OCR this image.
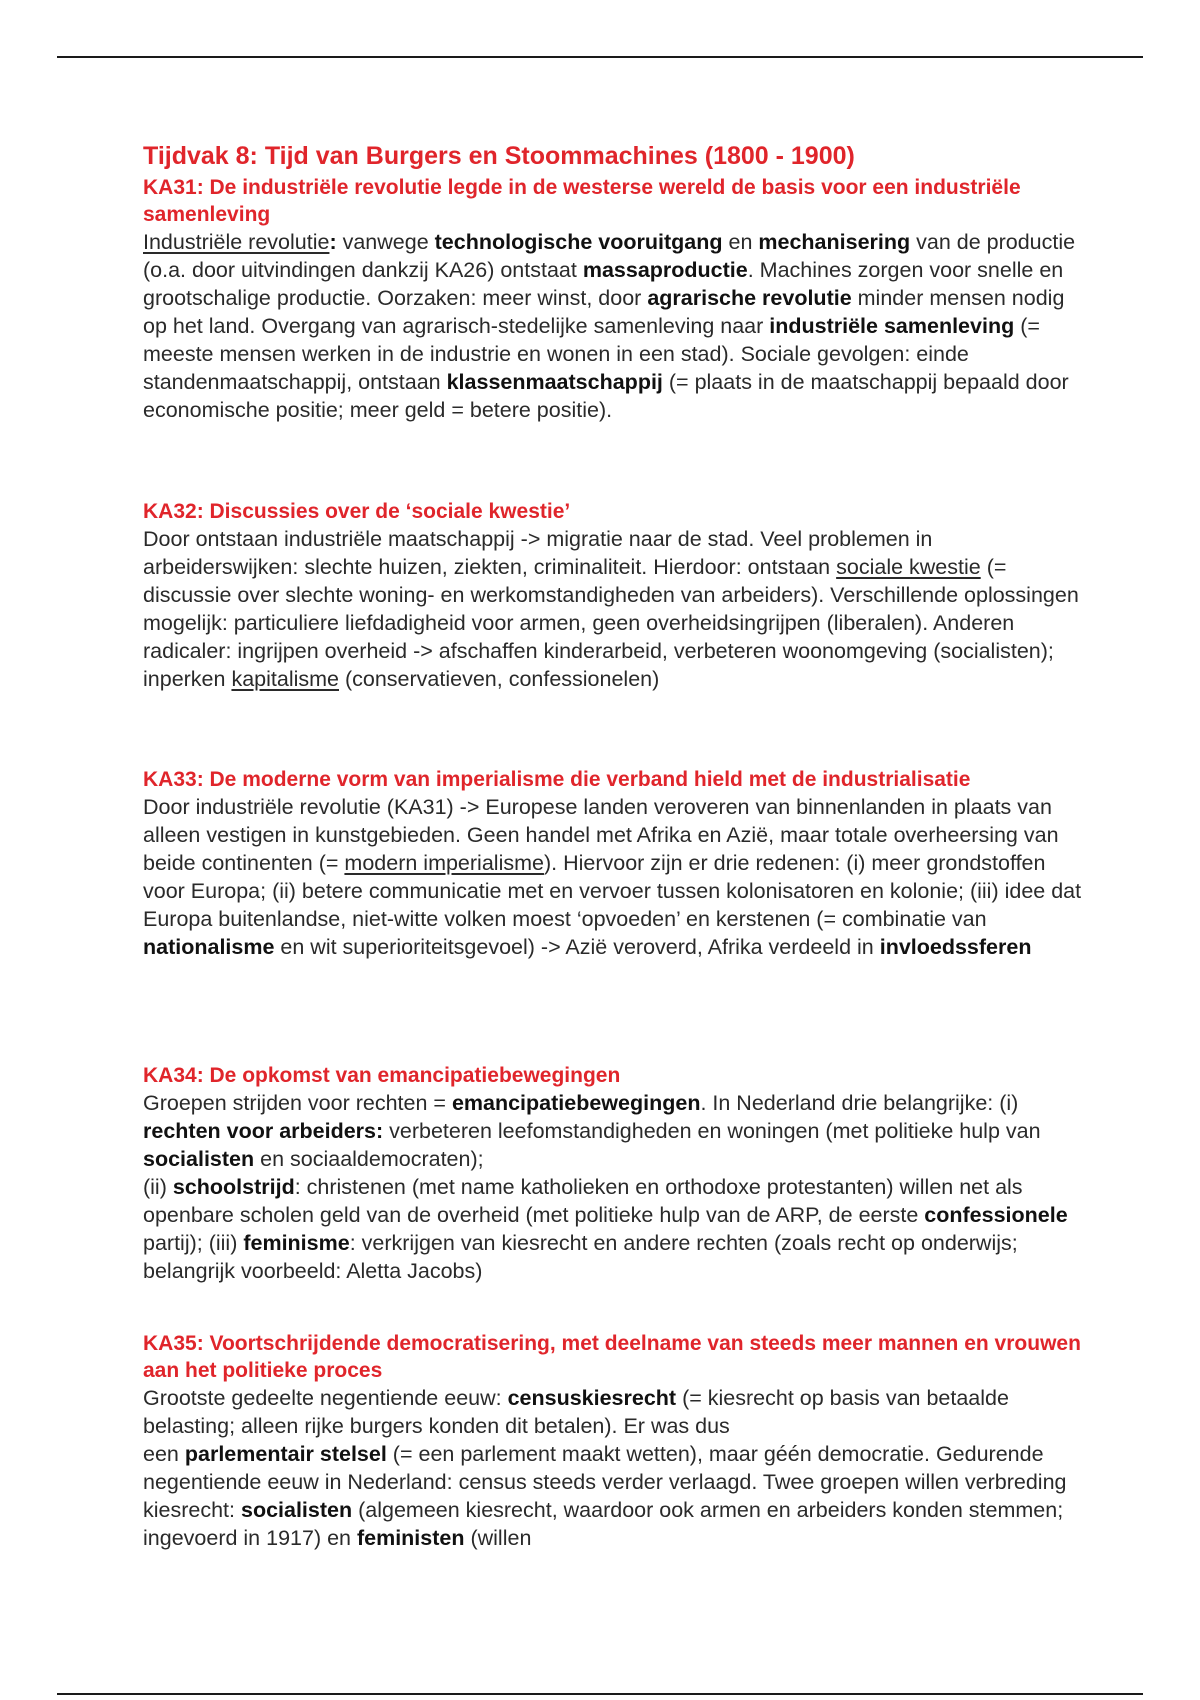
Tijdvak 8: Tijd van Burgers en Stoommachines (1800 - 1900)
KA31: De industriële revolutie legde in de westerse wereld de basis voor een industriële samenleving

Industriële revolutie: vanwege technologische vooruitgang en mechanisering van de productie (o.a. door uitvindingen dankzij KA26) ontstaat massaproductie. Machines zorgen voor snelle en grootschalige productie. Oorzaken: meer winst, door agrarische revolutie minder mensen nodig op het land. Overgang van agrarisch-stedelijke samenleving naar industriële samenleving (= meeste mensen werken in de industrie en wonen in een stad). Sociale gevolgen: einde standenmaatschappij, ontstaan klassenmaatschappij (= plaats in de maatschappij bepaald door economische positie; meer geld = betere positie).

KA32: Discussies over de ‘sociale kwestie’

Door ontstaan industriële maatschappij -> migratie naar de stad. Veel problemen in arbeiderswijken: slechte huizen, ziekten, criminaliteit. Hierdoor: ontstaan sociale kwestie (= discussie over slechte woning- en werkomstandigheden van arbeiders). Verschillende oplossingen mogelijk: particuliere liefdadigheid voor armen, geen overheidsingrijpen (liberalen). Anderen radicaler: ingrijpen overheid -> afschaffen kinderarbeid, verbeteren woonomgeving (socialisten);
inperken kapitalisme (conservatieven, confessionelen)

KA33: De moderne vorm van imperialisme die verband hield met de industrialisatie

Door industriële revolutie (KA31) -> Europese landen veroveren van binnenlanden in plaats van alleen vestigen in kunstgebieden. Geen handel met Afrika en Azië, maar totale overheersing van beide continenten (= modern imperialisme). Hiervoor zijn er drie redenen: (i) meer grondstoffen voor Europa; (ii) betere communicatie met en vervoer tussen kolonisatoren en kolonie; (iii) idee dat Europa buitenlandse, niet-witte volken moest ‘opvoeden’ en kerstenen (= combinatie van nationalisme en wit superioriteitsgevoel) -> Azië veroverd, Afrika verdeeld in invloedssferen

KA34: De opkomst van emancipatiebewegingen

Groepen strijden voor rechten = emancipatiebewegingen. In Nederland drie belangrijke: (i) rechten voor arbeiders: verbeteren leefomstandigheden en woningen (met politieke hulp van socialisten en sociaaldemocraten);
(ii) schoolstrijd: christenen (met name katholieken en orthodoxe protestanten) willen net als openbare scholen geld van de overheid (met politieke hulp van de ARP, de eerste confessionele partij); (iii) feminisme: verkrijgen van kiesrecht en andere rechten (zoals recht op onderwijs; belangrijk voorbeeld: Aletta Jacobs)

KA35: Voortschrijdende democratisering, met deelname van steeds meer mannen en vrouwen aan het politieke proces

Grootste gedeelte negentiende eeuw: censuskiesrecht (= kiesrecht op basis van betaalde belasting; alleen rijke burgers konden dit betalen). Er was dus
een parlementair stelsel (= een parlement maakt wetten), maar géén democratie. Gedurende negentiende eeuw in Nederland: census steeds verder verlaagd. Twee groepen willen verbreding kiesrecht: socialisten (algemeen kiesrecht, waardoor ook armen en arbeiders konden stemmen; ingevoerd in 1917) en feministen (willen
